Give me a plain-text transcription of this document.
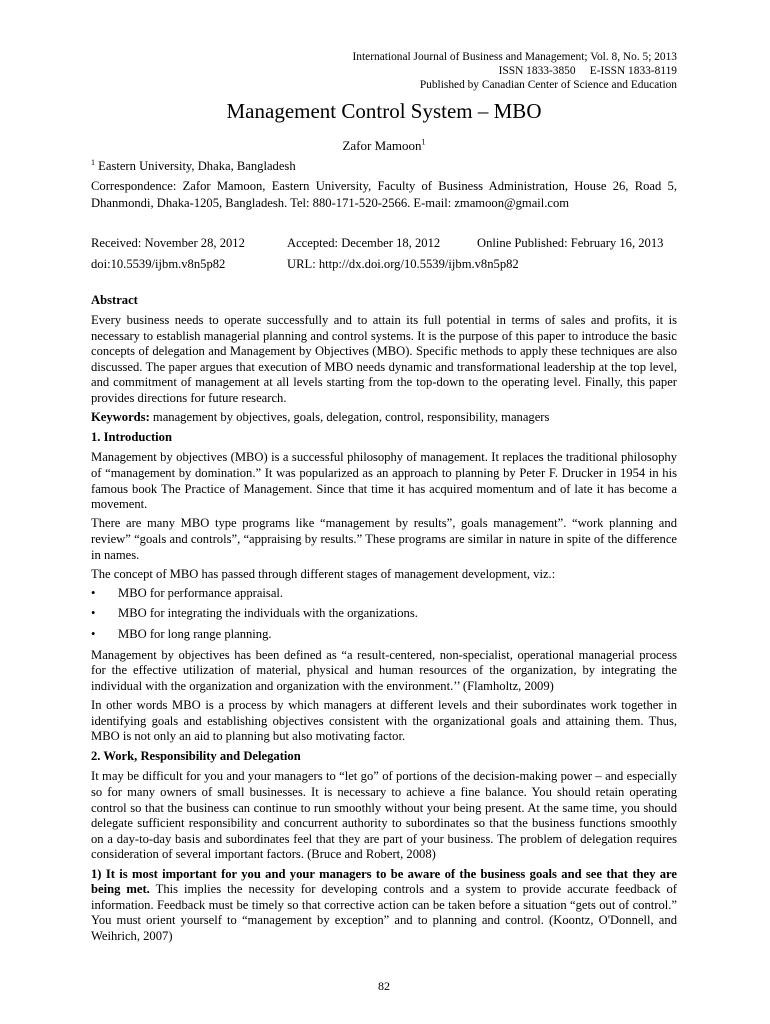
International Journal of Business and Management; Vol. 8, No. 5; 2013
ISSN 1833-3850     E-ISSN 1833-8119
Published by Canadian Center of Science and Education
Management Control System – MBO
Zafor Mamoon$^1$
$^1$ Eastern University, Dhaka, Bangladesh
Correspondence: Zafor Mamoon, Eastern University, Faculty of Business Administration, House 26, Road 5, Dhanmondi, Dhaka-1205, Bangladesh. Tel: 880-171-520-2566. E-mail: zmamoon@gmail.com
Received: November 28, 2012	Accepted: December 18, 2012	Online Published: February 16, 2013
doi:10.5539/ijbm.v8n5p82	URL: http://dx.doi.org/10.5539/ijbm.v8n5p82
Abstract

Every business needs to operate successfully and to attain its full potential in terms of sales and profits, it is necessary to establish managerial planning and control systems. It is the purpose of this paper to introduce the basic concepts of delegation and Management by Objectives (MBO). Specific methods to apply these techniques are also discussed. The paper argues that execution of MBO needs dynamic and transformational leadership at the top level, and commitment of management at all levels starting from the top-down to the operating level. Finally, this paper provides directions for future research.

Keywords: management by objectives, goals, delegation, control, responsibility, managers

1. Introduction

Management by objectives (MBO) is a successful philosophy of management. It replaces the traditional philosophy of “management by domination.” It was popularized as an approach to planning by Peter F. Drucker in 1954 in his famous book The Practice of Management. Since that time it has acquired momentum and of late it has become a movement.

There are many MBO type programs like “management by results”, goals management”. “work planning and review” “goals and controls”, “appraising by results.” These programs are similar in nature in spite of the difference in names.

The concept of MBO has passed through different stages of management development, viz.:

• MBO for performance appraisal.
• MBO for integrating the individuals with the organizations.
• MBO for long range planning.

Management by objectives has been defined as “a result-centered, non-specialist, operational managerial process for the effective utilization of material, physical and human resources of the organization, by integrating the individual with the organization and organization with the environment.’’ (Flamholtz, 2009)

In other words MBO is a process by which managers at different levels and their subordinates work together in identifying goals and establishing objectives consistent with the organizational goals and attaining them. Thus, MBO is not only an aid to planning but also motivating factor.

2. Work, Responsibility and Delegation

It may be difficult for you and your managers to “let go” of portions of the decision-making power – and especially so for many owners of small businesses. It is necessary to achieve a fine balance. You should retain operating control so that the business can continue to run smoothly without your being present. At the same time, you should delegate sufficient responsibility and concurrent authority to subordinates so that the business functions smoothly on a day-to-day basis and subordinates feel that they are part of your business. The problem of delegation requires consideration of several important factors. (Bruce and Robert, 2008)

1) It is most important for you and your managers to be aware of the business goals and see that they are being met. This implies the necessity for developing controls and a system to provide accurate feedback of information. Feedback must be timely so that corrective action can be taken before a situation “gets out of control.” You must orient yourself to “management by exception” and to planning and control. (Koontz, O'Donnell, and Weihrich, 2007)

82
